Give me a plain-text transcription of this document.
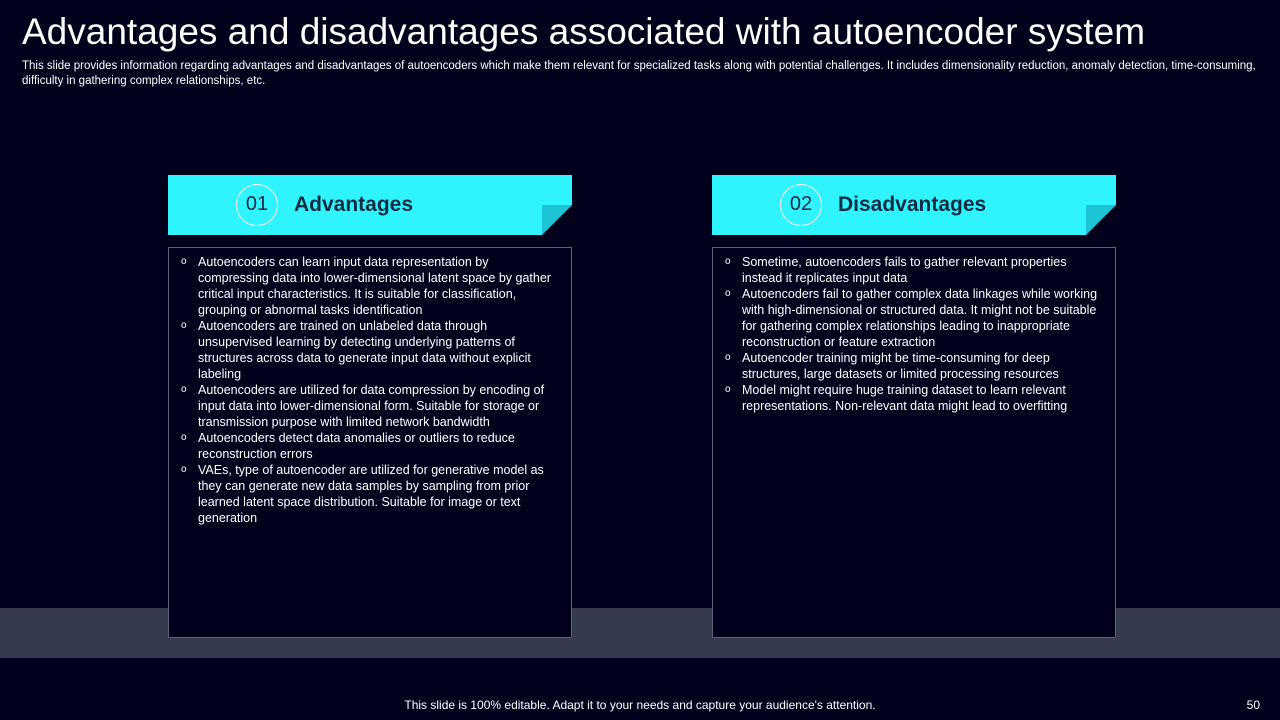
Advantages and disadvantages associated with autoencoder system
This slide provides information regarding advantages and disadvantages of autoencoders which make them relevant for specialized tasks along with potential challenges. It includes dimensionality reduction, anomaly detection, time-consuming, difficulty in gathering complex relationships, etc.
01	Advantages
o Autoencoders can learn input data representation by compressing data into lower-dimensional latent space by gather critical input characteristics. It is suitable for classification, grouping or abnormal tasks identification
o Autoencoders are trained on unlabeled data through unsupervised learning by detecting underlying patterns of structures across data to generate input data without explicit labeling
o Autoencoders are utilized for data compression by encoding of input data into lower-dimensional form. Suitable for storage or transmission purpose with limited network bandwidth
o Autoencoders detect data anomalies or outliers to reduce reconstruction errors
o VAEs, type of autoencoder are utilized for generative model as they can generate new data samples by sampling from prior learned latent space distribution. Suitable for image or text generation
02	Disadvantages
o Sometime, autoencoders fails to gather relevant properties instead it replicates input data
o Autoencoders fail to gather complex data linkages while working with high-dimensional or structured data. It might not be suitable for gathering complex relationships leading to inappropriate reconstruction or feature extraction
o Autoencoder training might be time-consuming for deep structures, large datasets or limited processing resources
o Model might require huge training dataset to learn relevant representations. Non-relevant data might lead to overfitting
This slide is 100% editable. Adapt it to your needs and capture your audience's attention.	50
